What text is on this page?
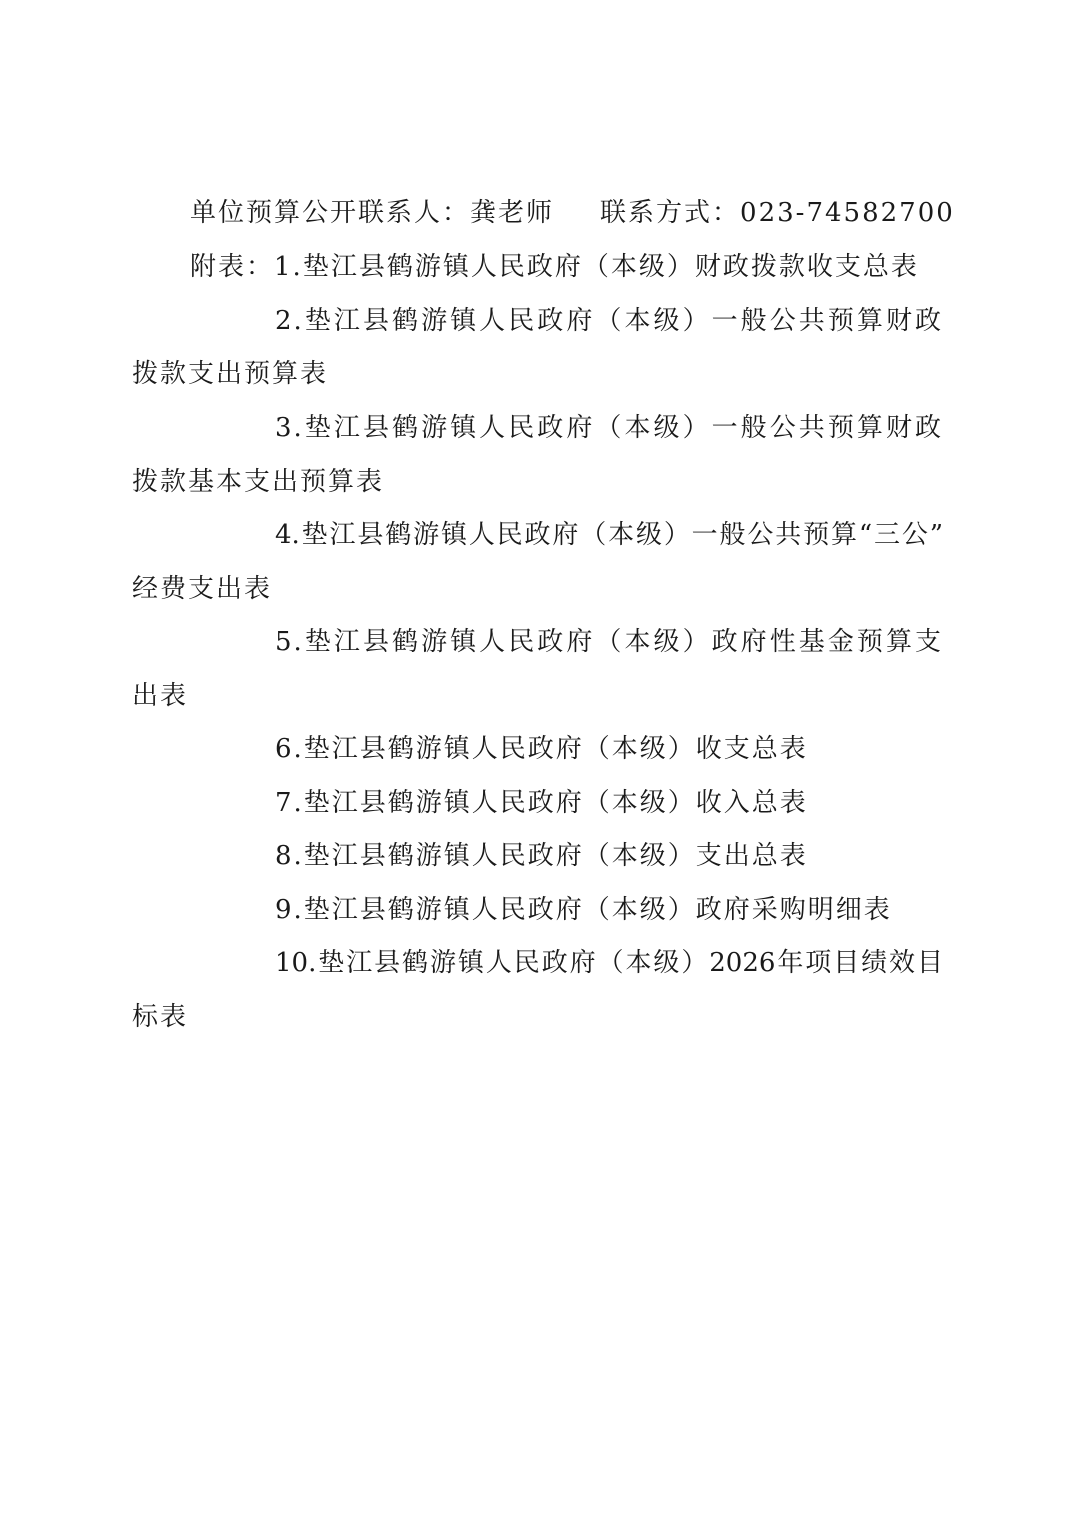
单位预算公开联系人：龚老师 联系方式：023-74582700
附表：1.垫江县鹤游镇人民政府（本级）财政拨款收支总表
2.垫江县鹤游镇人民政府（本级）一般公共预算财政
拨款支出预算表
3.垫江县鹤游镇人民政府（本级）一般公共预算财政
拨款基本支出预算表
4.垫江县鹤游镇人民政府（本级）一般公共预算“三公”
经费支出表
5.垫江县鹤游镇人民政府（本级）政府性基金预算支
出表
6.垫江县鹤游镇人民政府（本级）收支总表
7.垫江县鹤游镇人民政府（本级）收入总表
8.垫江县鹤游镇人民政府（本级）支出总表
9.垫江县鹤游镇人民政府（本级）政府采购明细表
10.垫江县鹤游镇人民政府（本级）2026年项目绩效目
标表
